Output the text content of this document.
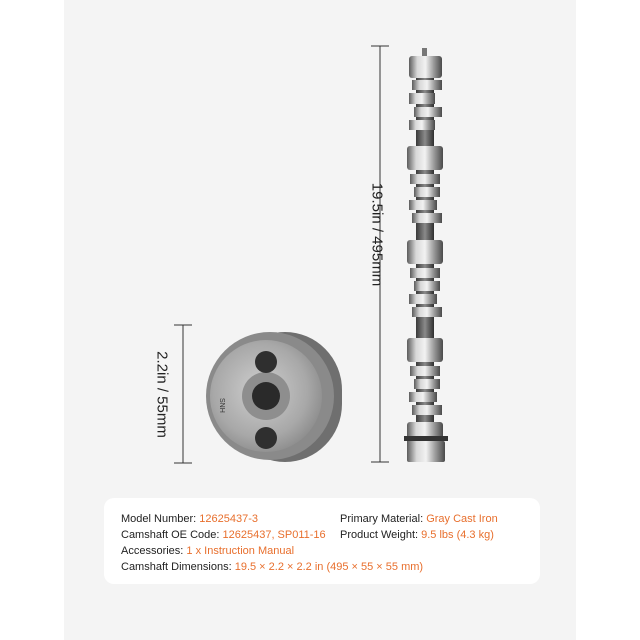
SNH
19.5in / 495mm
2.2in / 55mm
Model Number: 12625437-3
Camshaft OE Code: 12625437, SP011-16
Accessories: 1 x Instruction Manual
Camshaft Dimensions: 19.5 × 2.2 × 2.2 in (495 × 55 × 55 mm)
Primary Material: Gray Cast Iron
Product Weight: 9.5 lbs (4.3 kg)
